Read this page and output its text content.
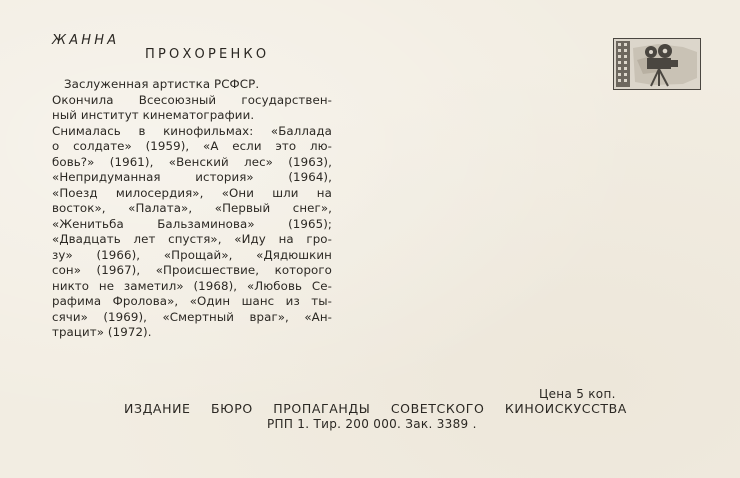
ЖАННА
ПРОХОРЕНКО
Заслуженная артистка РСФСР.
Окончила Всесоюзный государствен-
ный институт кинематографии.
Снималась в кинофильмах: «Баллада
о солдате» (1959), «А если это лю-
бовь?» (1961), «Венский лес» (1963),
«Непридуманная	история»	(1964),
«Поезд милосердия», «Они шли на
восток», «Палата», «Первый снег»,
«Женитьба	Бальзаминова»	(1965);
«Двадцать лет спустя», «Иду на гро-
зу» (1966), «Прощай», «Дядюшкин
сон» (1967), «Происшествие, которого
никто не заметил» (1968), «Любовь Се-
рафима Фролова», «Один шанс из ты-
сячи» (1969), «Смертный враг», «Ан-
трацит» (1972).
Цена 5 коп.
ИЗДАНИЕ БЮРО ПРОПАГАНДЫ СОВЕТСКОГО КИНОИСКУССТВА
РПП 1. Тир. 200 000. Зак. 3389 .
